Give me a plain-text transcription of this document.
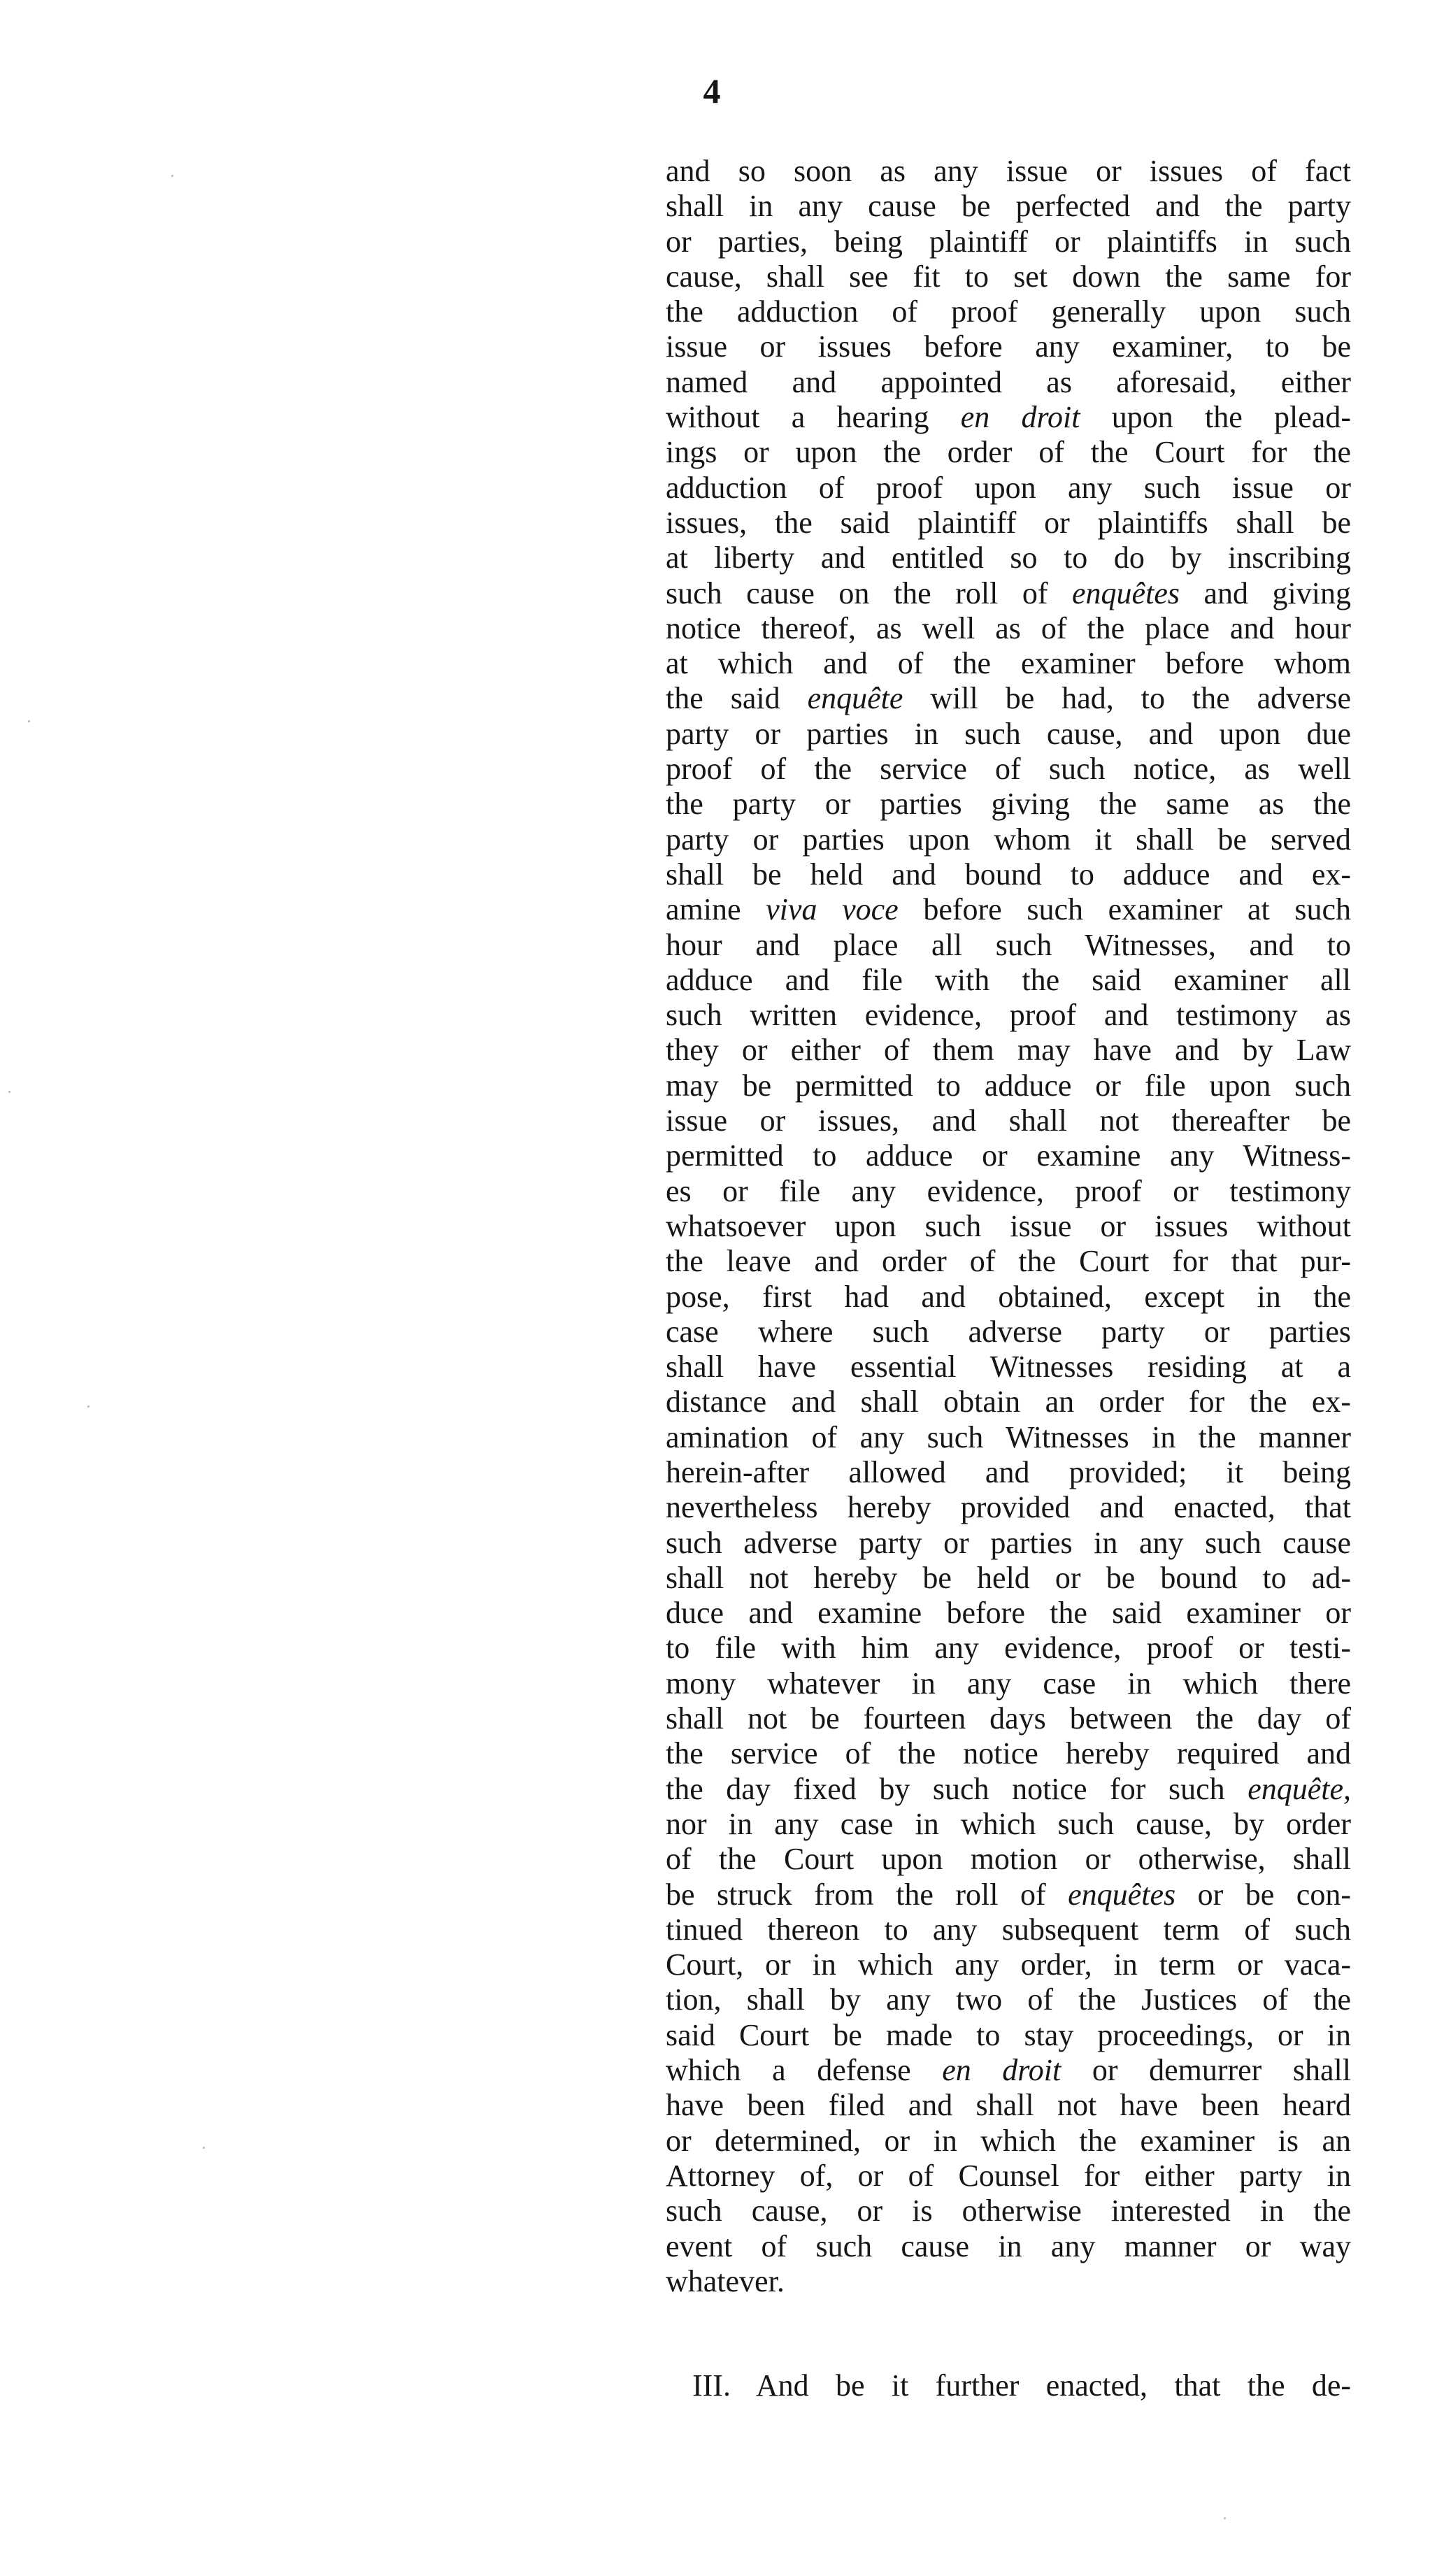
4
and so soon as any issue or issues of fact
shall in any cause be perfected and the party
or parties, being plaintiff or plaintiffs in such
cause, shall see fit to set down the same for
the adduction of proof generally upon such
issue or issues before any examiner, to be
named and appointed as aforesaid, either
without a hearing en droit upon the plead-
ings or upon the order of the Court for the
adduction of proof upon any such issue or
issues, the said plaintiff or plaintiffs shall be
at liberty and entitled so to do by inscribing
such cause on the roll of enquêtes and giving
notice thereof, as well as of the place and hour
at which and of the examiner before whom
the said enquête will be had, to the adverse
party or parties in such cause, and upon due
proof of the service of such notice, as well
the party or parties giving the same as the
party or parties upon whom it shall be served
shall be held and bound to adduce and ex-
amine viva voce before such examiner at such
hour and place all such Witnesses, and to
adduce and file with the said examiner all
such written evidence, proof and testimony as
they or either of them may have and by Law
may be permitted to adduce or file upon such
issue or issues, and shall not thereafter be
permitted to adduce or examine any Witness-
es or file any evidence, proof or testimony
whatsoever upon such issue or issues without
the leave and order of the Court for that pur-
pose, first had and obtained, except in the
case where such adverse party or parties
shall have essential Witnesses residing at a
distance and shall obtain an order for the ex-
amination of any such Witnesses in the manner
herein-after allowed and provided; it being
nevertheless hereby provided and enacted, that
such adverse party or parties in any such cause
shall not hereby be held or be bound to ad-
duce and examine before the said examiner or
to file with him any evidence, proof or testi-
mony whatever in any case in which there
shall not be fourteen days between the day of
the service of the notice hereby required and
the day fixed by such notice for such enquête,
nor in any case in which such cause, by order
of the Court upon motion or otherwise, shall
be struck from the roll of enquêtes or be con-
tinued thereon to any subsequent term of such
Court, or in which any order, in term or vaca-
tion, shall by any two of the Justices of the
said Court be made to stay proceedings, or in
which a defense en droit or demurrer shall
have been filed and shall not have been heard
or determined, or in which the examiner is an
Attorney of, or of Counsel for either party in
such cause, or is otherwise interested in the
event of such cause in any manner or way
whatever.
III. And be it further enacted, that the de-
